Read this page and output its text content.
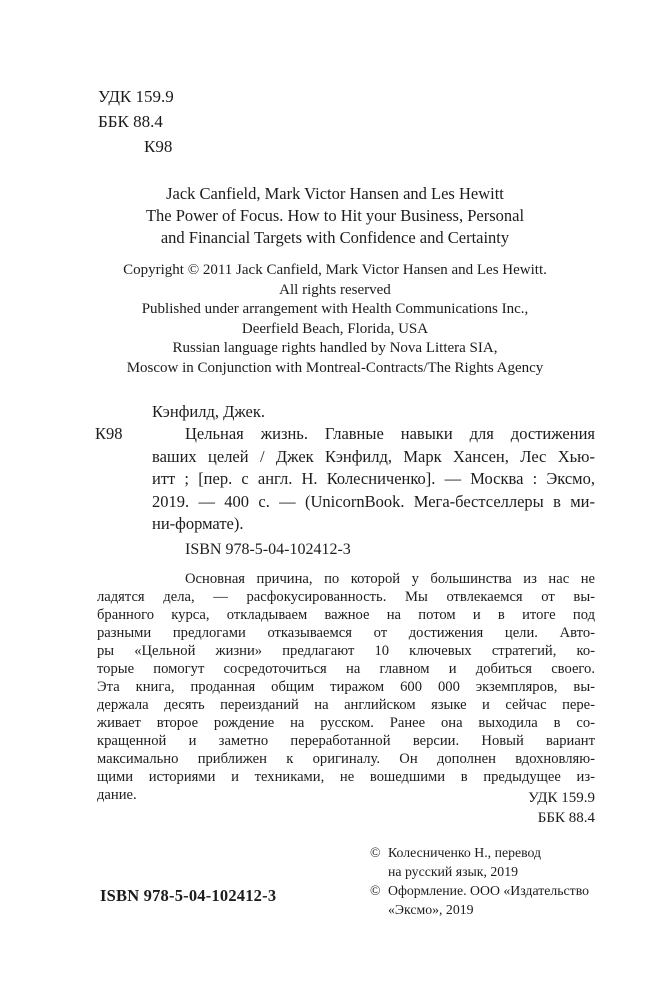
УДК 159.9
ББК 88.4
К98
Jack Canfield, Mark Victor Hansen and Les Hewitt
The Power of Focus. How to Hit your Business, Personal
and Financial Targets with Confidence and Certainty
Copyright © 2011 Jack Canfield, Mark Victor Hansen and Les Hewitt.
All rights reserved
Published under arrangement with Health Communications Inc.,
Deerfield Beach, Florida, USA
Russian language rights handled by Nova Littera SIA,
Moscow in Conjunction with Montreal-Contracts/The Rights Agency
Кэнфилд, Джек.
К98	Цельная жизнь. Главные навыки для достижения
ваших целей / Джек Кэнфилд, Марк Хансен, Лес Хью-
итт ; [пер. с англ. Н. Колесниченко]. — Москва : Эксмо,
2019. — 400 с. — (UnicornBook. Мега-бестселлеры в ми-
ни-формате).
ISBN 978-5-04-102412-3
Основная причина, по которой у большинства из нас не
ладятся дела, — расфокусированность. Мы отвлекаемся от вы-
бранного курса, откладываем важное на потом и в итоге под
разными предлогами отказываемся от достижения цели. Авто-
ры «Цельной жизни» предлагают 10 ключевых стратегий, ко-
торые помогут сосредоточиться на главном и добиться своего.
Эта книга, проданная общим тиражом 600 000 экземпляров, вы-
держала десять переизданий на английском языке и сейчас пере-
живает второе рождение на русском. Ранее она выходила в со-
кращенной и заметно переработанной версии. Новый вариант
максимально приближен к оригиналу. Он дополнен вдохновляю-
щими историями и техниками, не вошедшими в предыдущее из-
дание.	УДК 159.9
ББК 88.4
© Колесниченко Н., перевод
на русский язык, 2019
© Оформление. ООО «Издательство
«Эксмо», 2019
ISBN 978-5-04-102412-3
